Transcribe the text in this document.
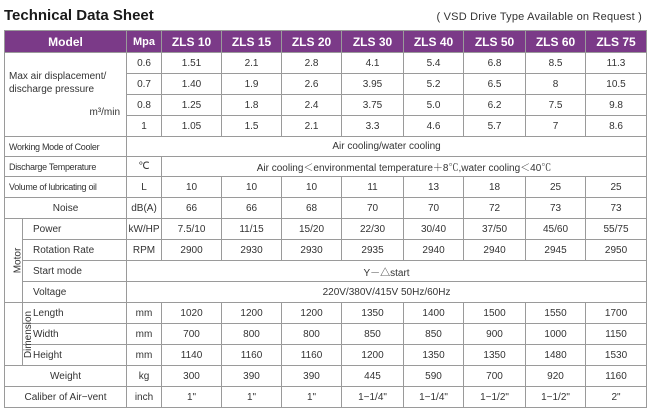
Technical Data Sheet	( VSD Drive Type Available on Request )
Model		Mpa	ZLS 10	ZLS 15	ZLS 20	ZLS 30	ZLS 40	ZLS 50	ZLS 60	ZLS 75
Max air displacement/
discharge pressure
m³/min		0.6	1.51	2.1	2.8	4.1	5.4	6.8	8.5	11.3
		0.7	1.40	1.9	2.6	3.95	5.2	6.5	8	10.5
		0.8	1.25	1.8	2.4	3.75	5.0	6.2	7.5	9.8
		1	1.05	1.5	2.1	3.3	4.6	5.7	7	8.6
Working Mode of Cooler		Air cooling/water cooling								
Discharge Temperature		℃	Air cooling＜environmental temperature＋8℃,water cooling＜40℃							
Volume of lubricating oil		L	10	10	10	11	13	18	25	25
Noise		dB(A)	66	66	68	70	70	72	73	73
Motor	Power	kW/HP	7.5/10	11/15	15/20	22/30	30/40	37/50	45/60	55/75
	Rotation Rate	RPM	2900	2930	2930	2935	2940	2940	2945	2950
	Start mode	Y－△start								
	Voltage	220V/380V/415V 50Hz/60Hz								
Dimension	Length	mm	1020	1200	1200	1350	1400	1500	1550	1700
	Width	mm	700	800	800	850	850	900	1000	1150
	Height	mm	1140	1160	1160	1200	1350	1350	1480	1530
Weight		kg	300	390	390	445	590	700	920	1160
Caliber of Air−vent		inch	1"	1"	1"	1−1/4"	1−1/4"	1−1/2"	1−1/2"	2"
